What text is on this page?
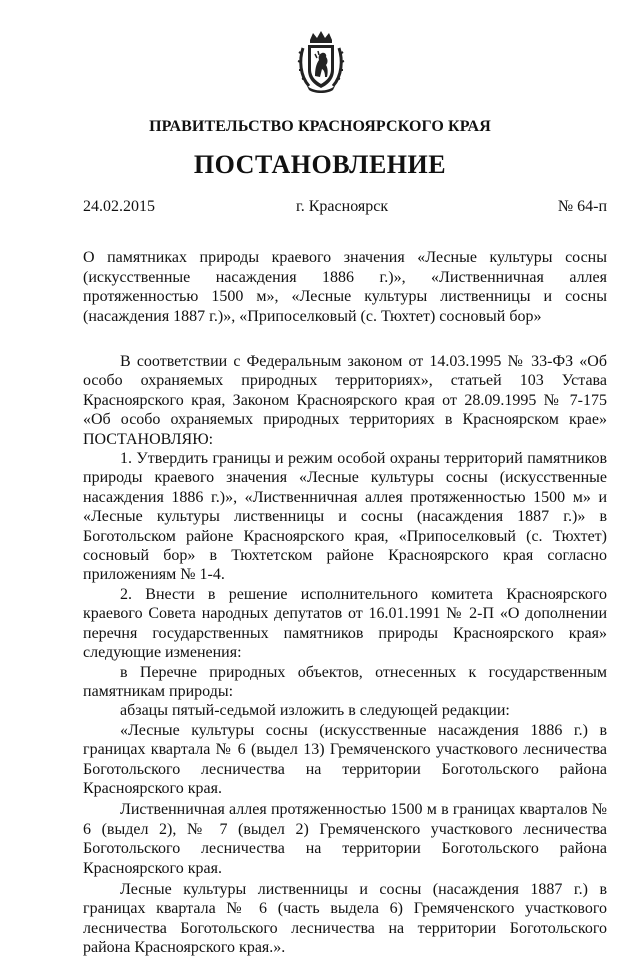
ПРАВИТЕЛЬСТВО КРАСНОЯРСКОГО КРАЯ
ПОСТАНОВЛЕНИЕ
24.02.2015	г. Красноярск	№ 64-п
О памятниках природы краевого значения «Лесные культуры сосны (искусственные насаждения 1886 г.)», «Лиственничная аллея протяженностью 1500 м», «Лесные культуры лиственницы и сосны (насаждения 1887 г.)», «Припоселковый (с. Тюхтет) сосновый бор»

В соответствии с Федеральным законом от 14.03.1995 № 33-ФЗ «Об особо охраняемых природных территориях», статьей 103 Устава Красноярского края, Законом Красноярского края от 28.09.1995 № 7-175 «Об особо охраняемых природных территориях в Красноярском крае» ПОСТАНОВЛЯЮ:

1. Утвердить границы и режим особой охраны территорий памятников природы краевого значения «Лесные культуры сосны (искусственные насаждения 1886 г.)», «Лиственничная аллея протяженностью 1500 м» и «Лесные культуры лиственницы и сосны (насаждения 1887 г.)» в Боготольском районе Красноярского края, «Припоселковый (с. Тюхтет) сосновый бор» в Тюхтетском районе Красноярского края согласно приложениям № 1-4.

2. Внести в решение исполнительного комитета Красноярского краевого Совета народных депутатов от 16.01.1991 № 2-П «О дополнении перечня государственных памятников природы Красноярского края» следующие изменения:

в Перечне природных объектов, отнесенных к государственным памятникам природы:

абзацы пятый-седьмой изложить в следующей редакции:

«Лесные культуры сосны (искусственные насаждения 1886 г.) в границах квартала № 6 (выдел 13) Гремяченского участкового лесничества Боготольского лесничества на территории Боготольского района Красноярского края.

Лиственничная аллея протяженностью 1500 м в границах кварталов № 6 (выдел 2), № 7 (выдел 2) Гремяченского участкового лесничества Боготольского лесничества на территории Боготольского района Красноярского края.

Лесные культуры лиственницы и сосны (насаждения 1887 г.) в границах квартала № 6 (часть выдела 6) Гремяченского участкового лесничества Боготольского лесничества на территории Боготольского района Красноярского края.».
